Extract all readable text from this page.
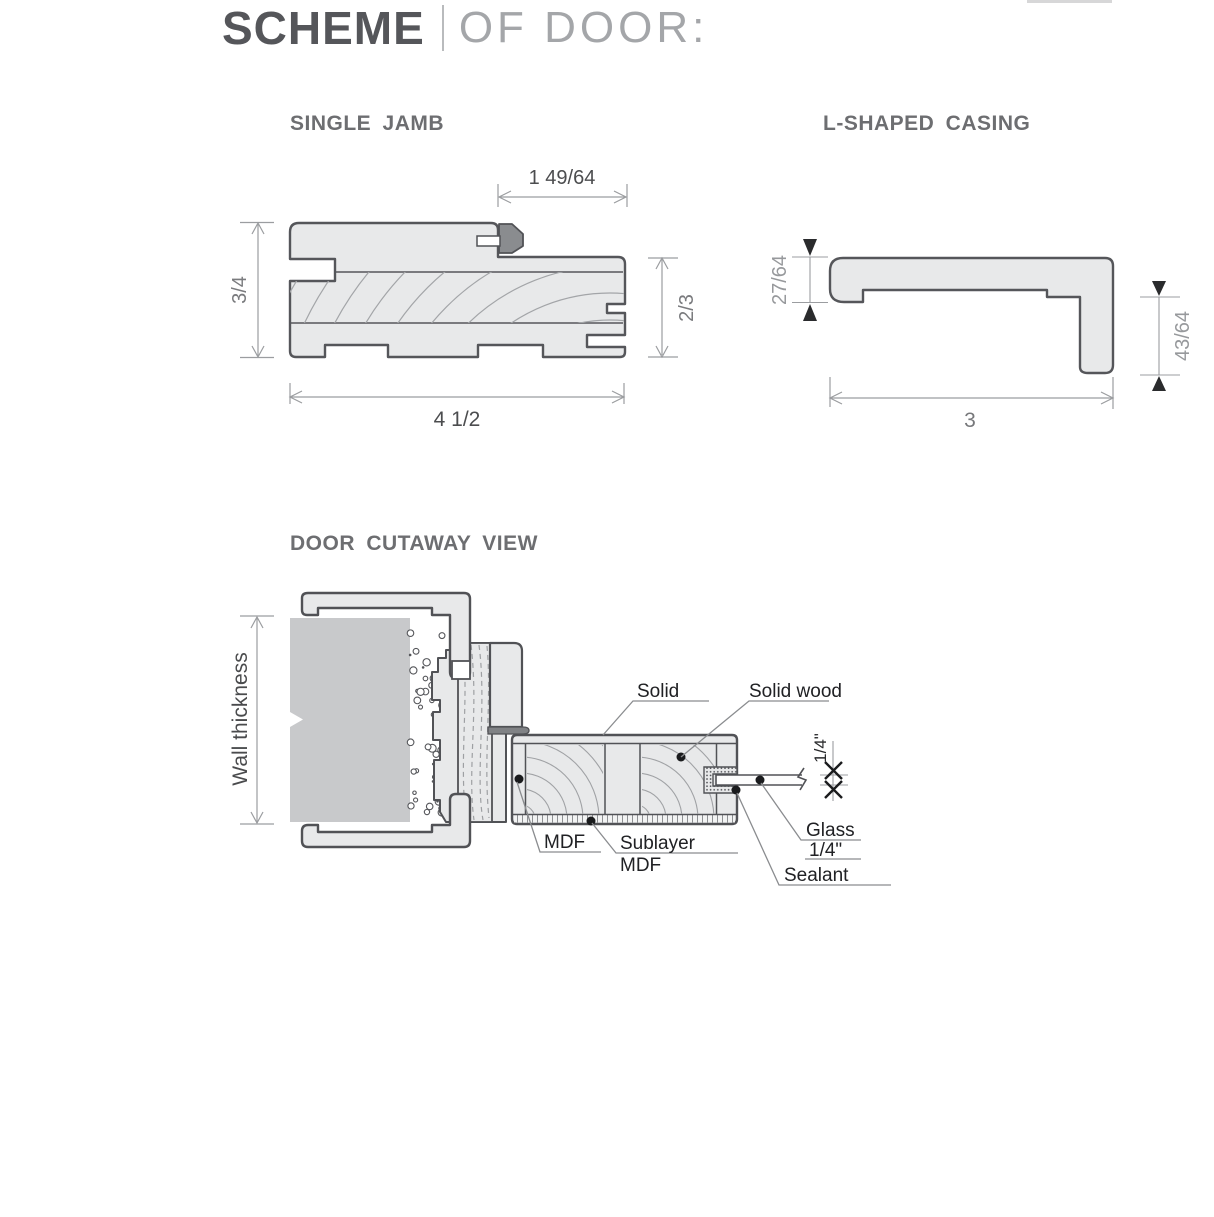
SCHEME OF DOOR:
SINGLE JAMB	L-SHAPED CASING
DOOR CUTAWAY VIEW
1 49/64
3/4
2/3
4 1/2
27/64
43/64
3
Solid	Solid wood
MDF Sublayer
MDF
Glass
1/4"
Sealant
1/4"
Wall thickness
